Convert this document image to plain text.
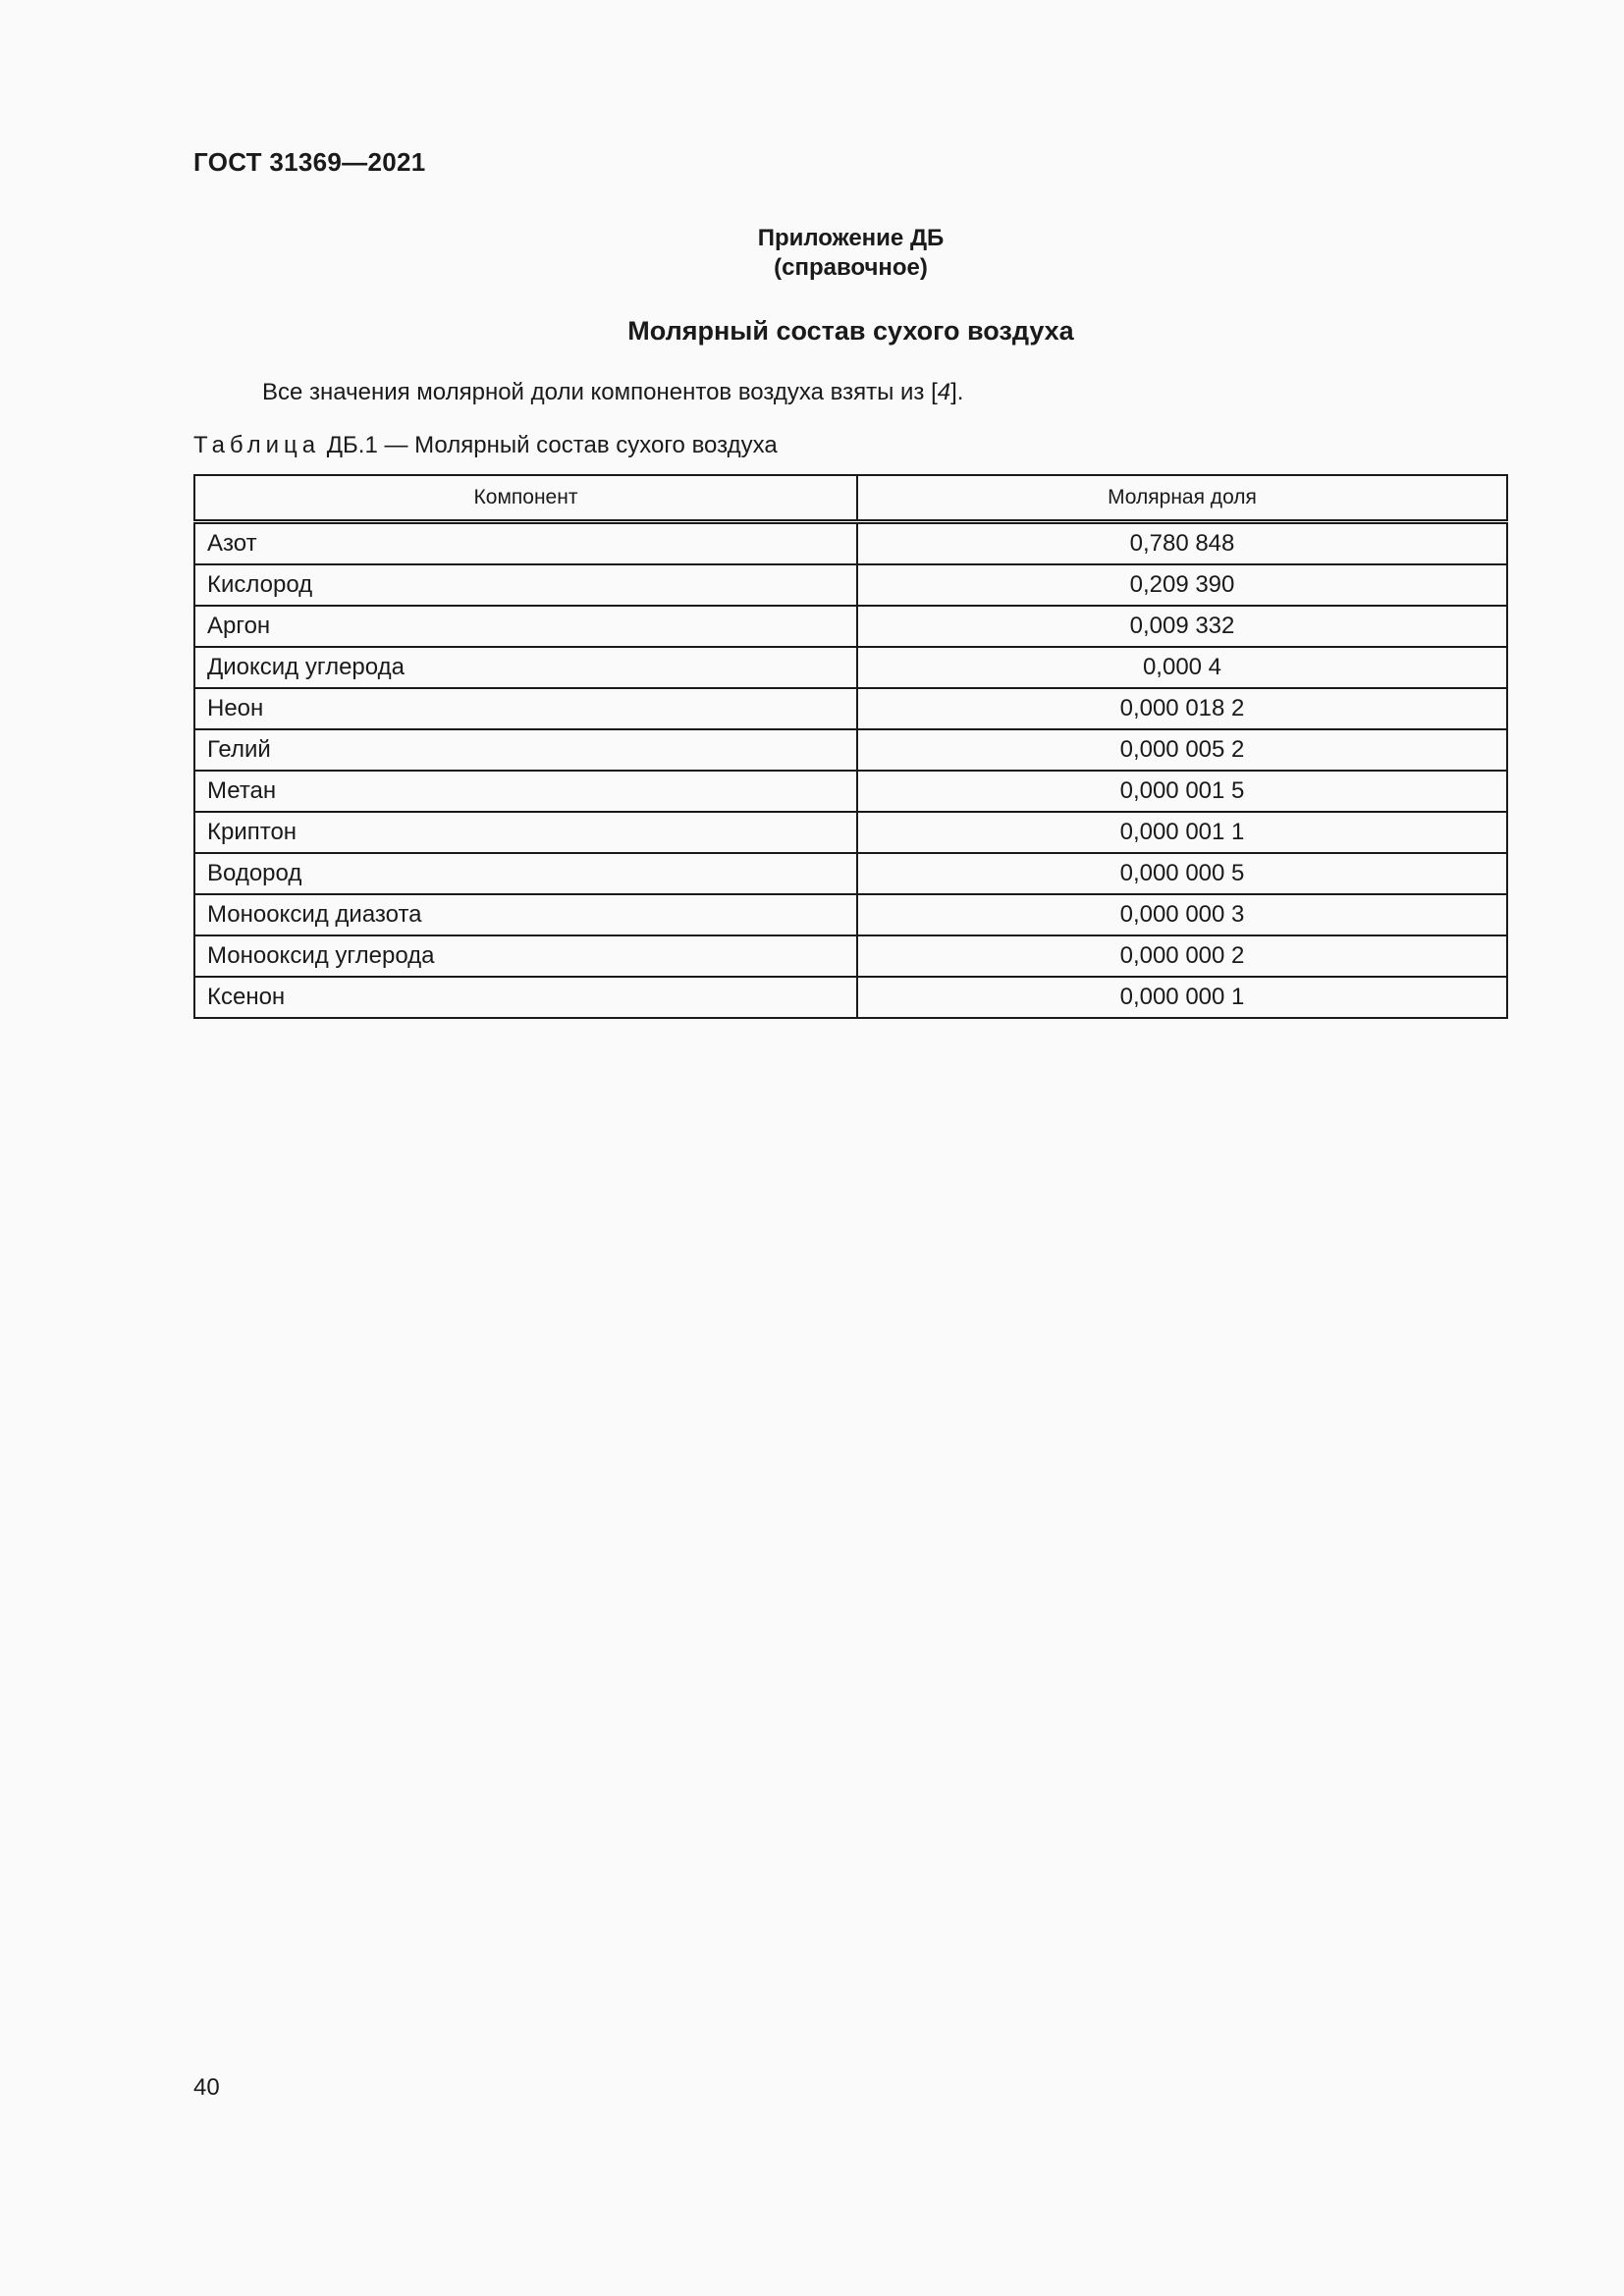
ГОСТ 31369—2021
Приложение ДБ
(справочное)
Молярный состав сухого воздуха
Все значения молярной доли компонентов воздуха взяты из [4].
Таблица ДБ.1 — Молярный состав сухого воздуха
Компонент	Молярная доля
Азот	0,780 848
Кислород	0,209 390
Аргон	0,009 332
Диоксид углерода	0,000 4
Неон	0,000 018 2
Гелий	0,000 005 2
Метан	0,000 001 5
Криптон	0,000 001 1
Водород	0,000 000 5
Монооксид диазота	0,000 000 3
Монооксид углерода	0,000 000 2
Ксенон	0,000 000 1
40
